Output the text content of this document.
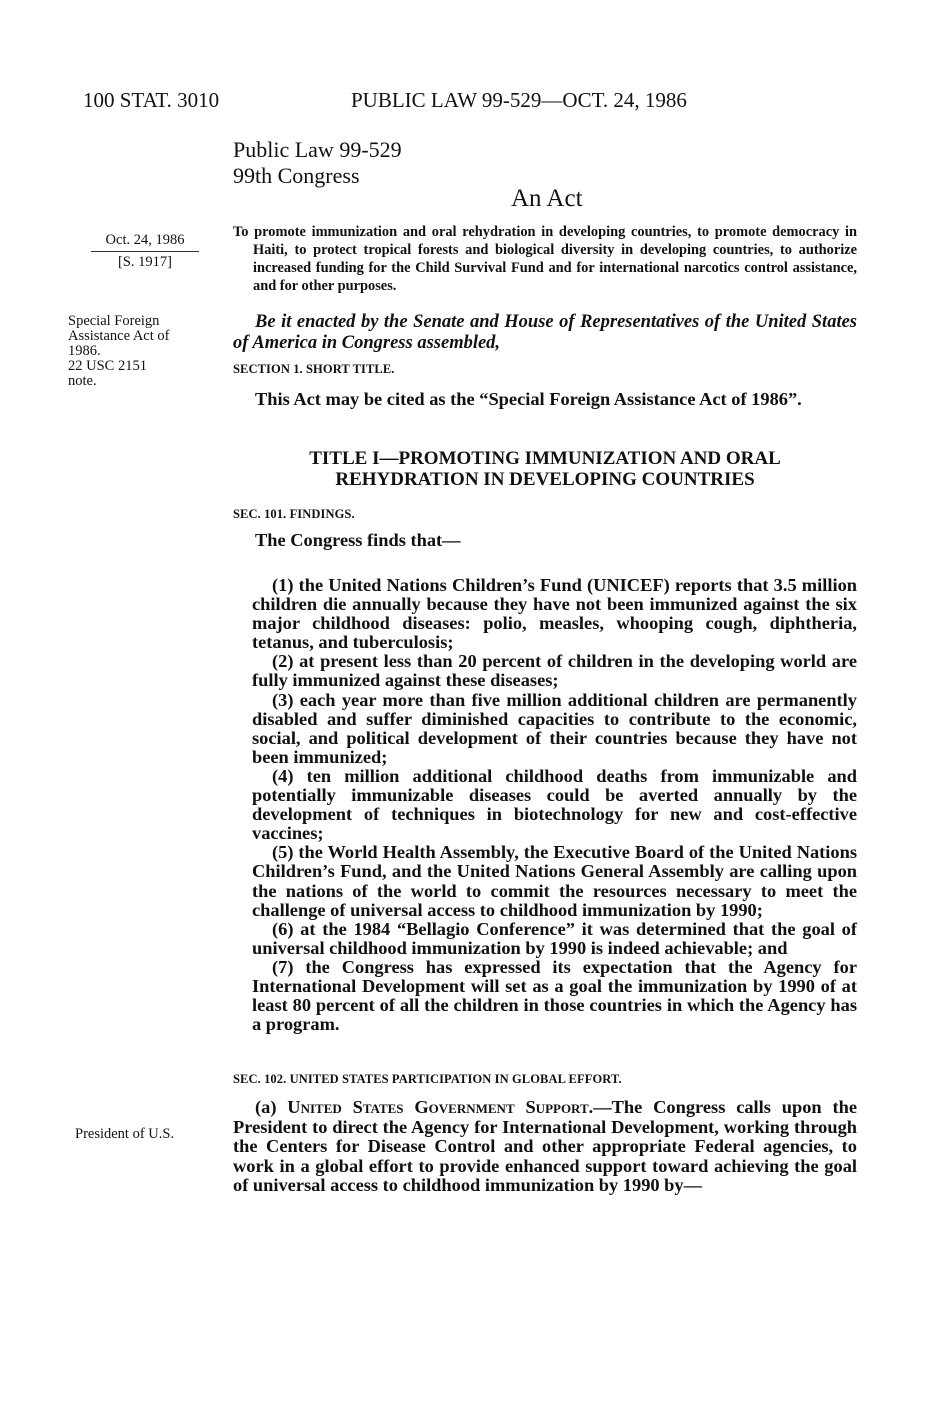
100 STAT. 3010	PUBLIC LAW 99-529—OCT. 24, 1986
Public Law 99-529
99th Congress
An Act
Oct. 24, 1986
[S. 1917]
Special Foreign
Assistance Act of
1986.
22 USC 2151
note.
President of U.S.
To promote immunization and oral rehydration in developing countries, to promote democracy in Haiti, to protect tropical forests and biological diversity in developing countries, to authorize increased funding for the Child Survival Fund and for international narcotics control assistance, and for other purposes.
Be it enacted by the Senate and House of Representatives of the United States of America in Congress assembled,
SECTION 1. SHORT TITLE.
This Act may be cited as the “Special Foreign Assistance Act of 1986”.
TITLE I—PROMOTING IMMUNIZATION AND ORAL
REHYDRATION IN DEVELOPING COUNTRIES
SEC. 101. FINDINGS.
The Congress finds that—

(1) the United Nations Children’s Fund (UNICEF) reports that 3.5 million children die annually because they have not been immunized against the six major childhood diseases: polio, measles, whooping cough, diphtheria, tetanus, and tuberculosis;

(2) at present less than 20 percent of children in the developing world are fully immunized against these diseases;

(3) each year more than five million additional children are permanently disabled and suffer diminished capacities to contribute to the economic, social, and political development of their countries because they have not been immunized;

(4) ten million additional childhood deaths from immunizable and potentially immunizable diseases could be averted annually by the development of techniques in biotechnology for new and cost-effective vaccines;

(5) the World Health Assembly, the Executive Board of the United Nations Children’s Fund, and the United Nations General Assembly are calling upon the nations of the world to commit the resources necessary to meet the challenge of universal access to childhood immunization by 1990;

(6) at the 1984 “Bellagio Conference” it was determined that the goal of universal childhood immunization by 1990 is indeed achievable; and

(7) the Congress has expressed its expectation that the Agency for International Development will set as a goal the immunization by 1990 of at least 80 percent of all the children in those countries in which the Agency has a program.

SEC. 102. UNITED STATES PARTICIPATION IN GLOBAL EFFORT.
(a) United States Government Support.—The Congress calls upon the President to direct the Agency for International Development, working through the Centers for Disease Control and other appropriate Federal agencies, to work in a global effort to provide enhanced support toward achieving the goal of universal access to childhood immunization by 1990 by—
